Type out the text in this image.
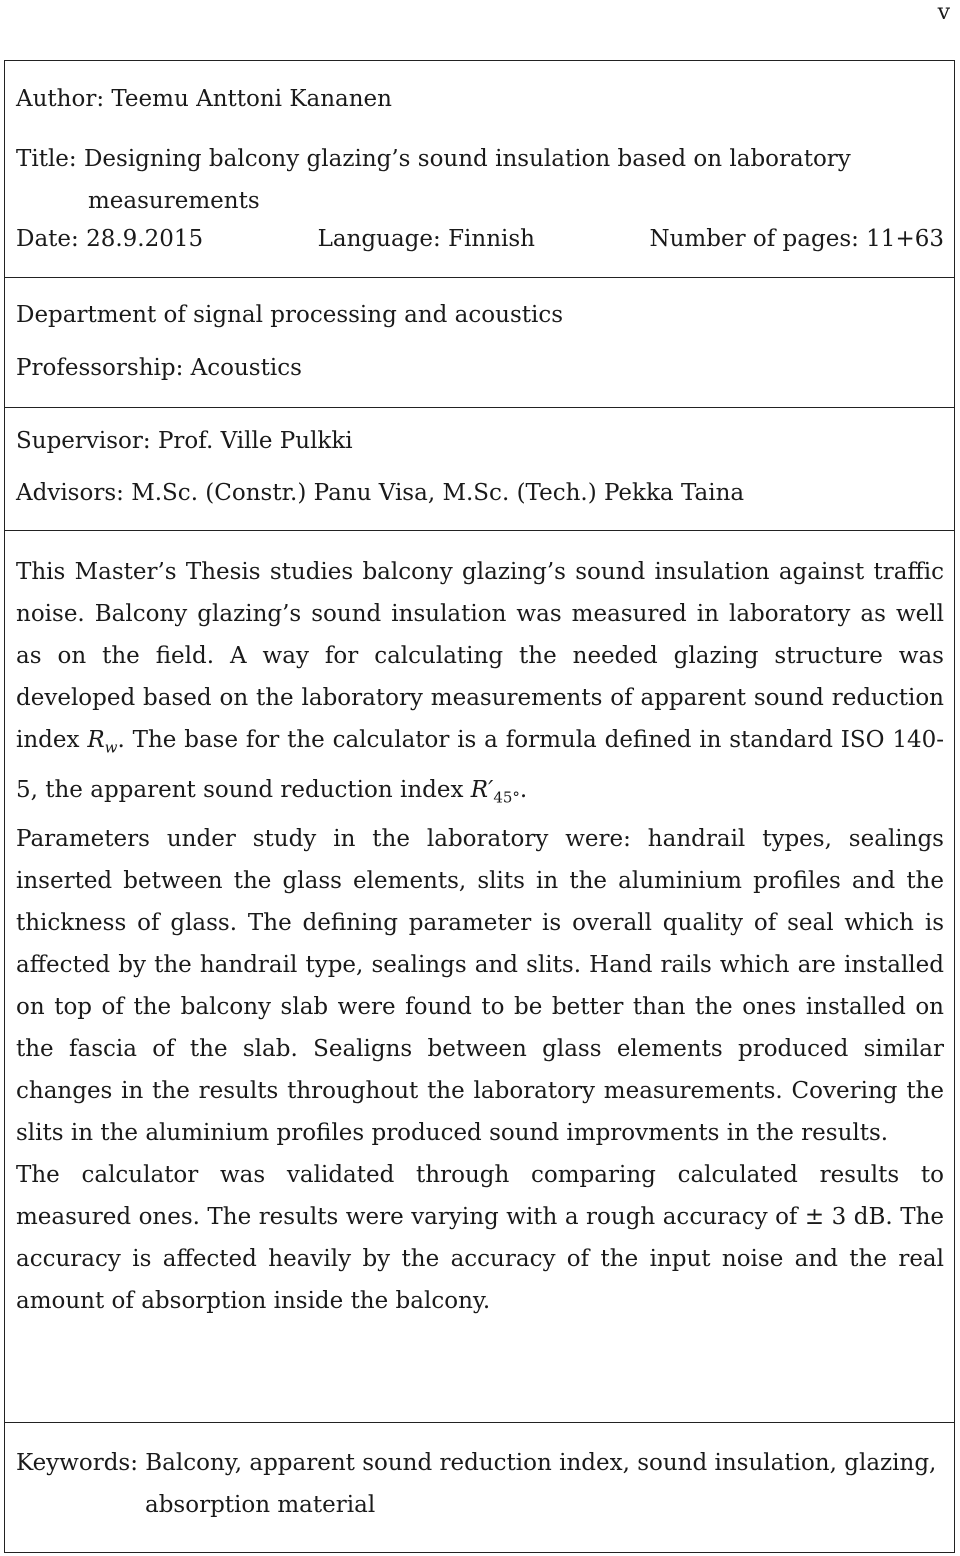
v
Author: Teemu Anttoni Kananen
Title: Designing balcony glazing’s sound insulation based on laboratory
measurements
Date: 28.9.2015	Language: Finnish	Number of pages: 11+63
Department of signal processing and acoustics
Professorship: Acoustics
Supervisor: Prof. Ville Pulkki
Advisors: M.Sc. (Constr.) Panu Visa, M.Sc. (Tech.) Pekka Taina

This Master’s Thesis studies balcony glazing’s sound insulation against traffic noise. Balcony glazing’s sound insulation was measured in laboratory as well as on the field. A way for calculating the needed glazing structure was developed based on the laboratory measurements of apparent sound reduction index $R_w$. The base for the calculator is a formula defined in standard ISO 140-5, the apparent sound reduction index $R'_{45^\circ}$.

Parameters under study in the laboratory were: handrail types, sealings inserted between the glass elements, slits in the aluminium profiles and the thickness of glass. The defining parameter is overall quality of seal which is affected by the handrail type, sealings and slits. Hand rails which are installed on top of the balcony slab were found to be better than the ones installed on the fascia of the slab. Sealigns between glass elements produced similar changes in the results throughout the laboratory measurements. Covering the slits in the aluminium profiles produced sound improvments in the results.

The calculator was validated through comparing calculated results to measured ones. The results were varying with a rough accuracy of ± 3 dB. The accuracy is affected heavily by the accuracy of the input noise and the real amount of absorption inside the balcony.

Keywords: Balcony, apparent sound reduction index, sound insulation, glazing,
absorption material
